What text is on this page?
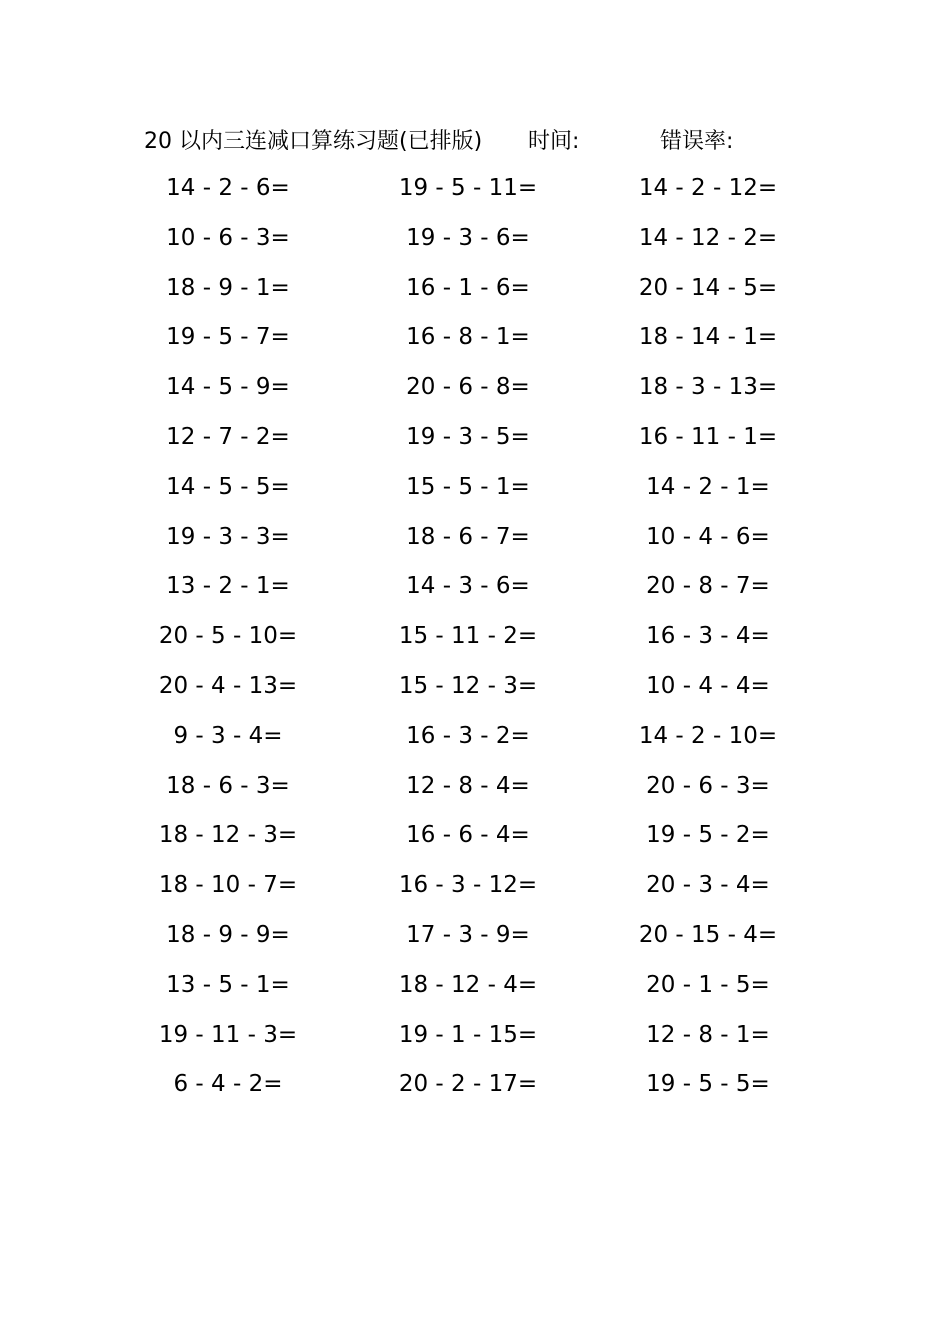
20 以内三连减口算练习题(已排版) 时间:	错误率:
14 - 2 - 6=	19 - 5 - 11=	14 - 2 - 12=
10 - 6 - 3=	19 - 3 - 6=	14 - 12 - 2=
18 - 9 - 1=	16 - 1 - 6=	20 - 14 - 5=
19 - 5 - 7=	16 - 8 - 1=	18 - 14 - 1=
14 - 5 - 9=	20 - 6 - 8=	18 - 3 - 13=
12 - 7 - 2=	19 - 3 - 5=	16 - 11 - 1=
14 - 5 - 5=	15 - 5 - 1=	14 - 2 - 1=
19 - 3 - 3=	18 - 6 - 7=	10 - 4 - 6=
13 - 2 - 1=	14 - 3 - 6=	20 - 8 - 7=
20 - 5 - 10=	15 - 11 - 2=	16 - 3 - 4=
20 - 4 - 13=	15 - 12 - 3=	10 - 4 - 4=
9 - 3 - 4=	16 - 3 - 2=	14 - 2 - 10=
18 - 6 - 3=	12 - 8 - 4=	20 - 6 - 3=
18 - 12 - 3=	16 - 6 - 4=	19 - 5 - 2=
18 - 10 - 7=	16 - 3 - 12=	20 - 3 - 4=
18 - 9 - 9=	17 - 3 - 9=	20 - 15 - 4=
13 - 5 - 1=	18 - 12 - 4=	20 - 1 - 5=
19 - 11 - 3=	19 - 1 - 15=	12 - 8 - 1=
6 - 4 - 2=	20 - 2 - 17=	19 - 5 - 5=
